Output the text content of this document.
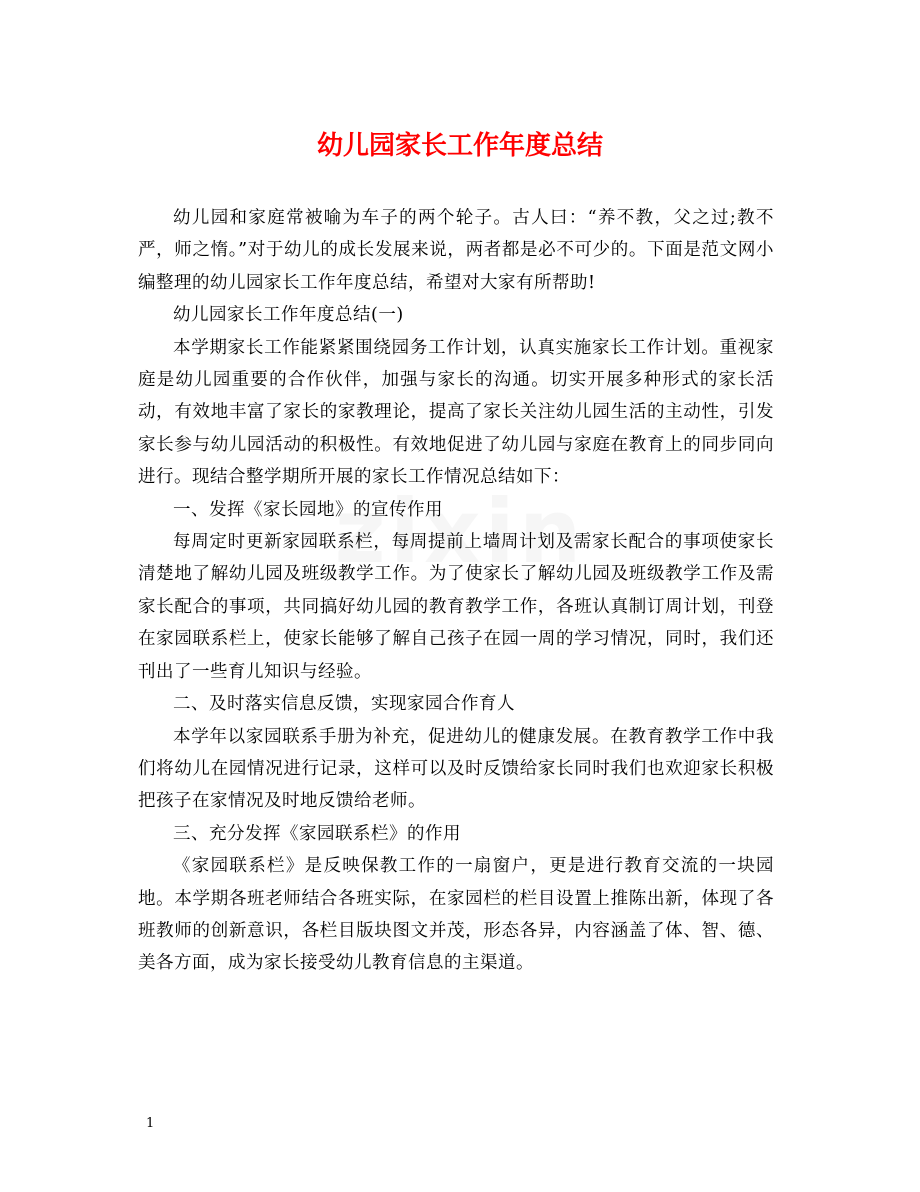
幼儿园家长工作年度总结

幼儿园和家庭常被喻为车子的两个轮子。古人曰：“养不教，父之过;教不严，师之惰。”对于幼儿的成长发展来说，两者都是必不可少的。下面是范文网小编整理的幼儿园家长工作年度总结，希望对大家有所帮助!

幼儿园家长工作年度总结(一)

本学期家长工作能紧紧围绕园务工作计划，认真实施家长工作计划。重视家庭是幼儿园重要的合作伙伴，加强与家长的沟通。切实开展多种形式的家长活动，有效地丰富了家长的家教理论，提高了家长关注幼儿园生活的主动性，引发家长参与幼儿园活动的积极性。有效地促进了幼儿园与家庭在教育上的同步同向进行。现结合整学期所开展的家长工作情况总结如下：

一、发挥《家长园地》的宣传作用

每周定时更新家园联系栏，每周提前上墙周计划及需家长配合的事项使家长清楚地了解幼儿园及班级教学工作。为了使家长了解幼儿园及班级教学工作及需家长配合的事项，共同搞好幼儿园的教育教学工作，各班认真制订周计划，刊登在家园联系栏上，使家长能够了解自己孩子在园一周的学习情况，同时，我们还刊出了一些育儿知识与经验。

二、及时落实信息反馈，实现家园合作育人

本学年以家园联系手册为补充，促进幼儿的健康发展。在教育教学工作中我们将幼儿在园情况进行记录，这样可以及时反馈给家长同时我们也欢迎家长积极把孩子在家情况及时地反馈给老师。

三、充分发挥《家园联系栏》的作用

《家园联系栏》是反映保教工作的一扇窗户，更是进行教育交流的一块园地。本学期各班老师结合各班实际，在家园栏的栏目设置上推陈出新，体现了各班教师的创新意识，各栏目版块图文并茂，形态各异，内容涵盖了体、智、德、美各方面，成为家长接受幼儿教育信息的主渠道。

1
